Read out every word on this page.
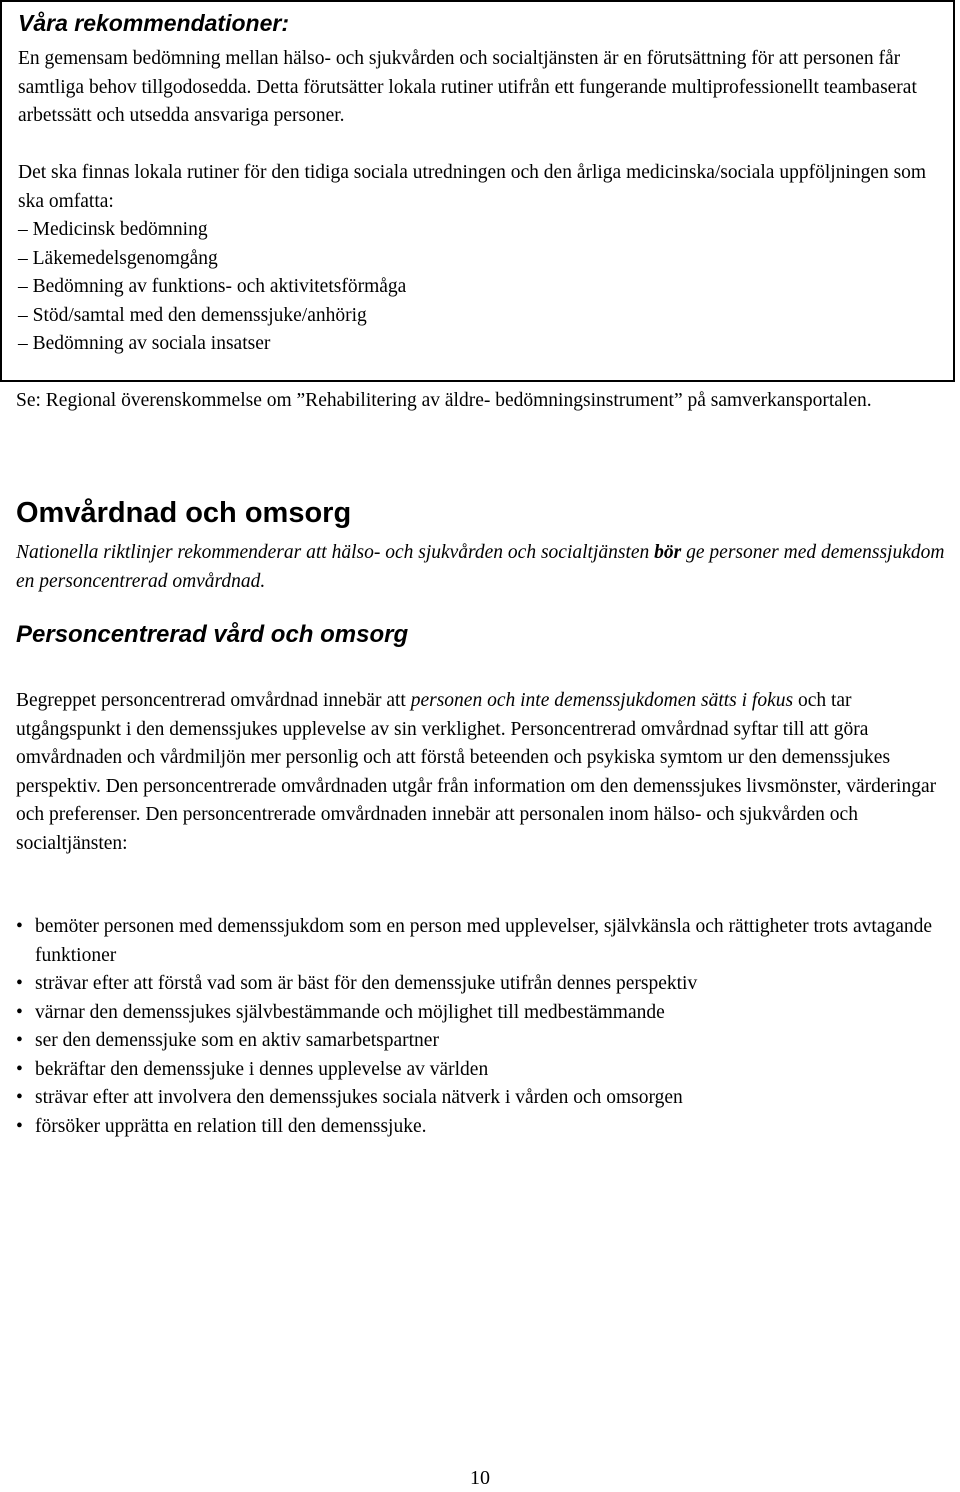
Våra rekommendationer:

En gemensam bedömning mellan hälso- och sjukvården och socialtjänsten är en förutsättning för att personen får samtliga behov tillgodosedda. Detta förutsätter lokala rutiner utifrån ett fungerande multiprofessionellt teambaserat arbetssätt och utsedda ansvariga personer.

Det ska finnas lokala rutiner för den tidiga sociala utredningen och den årliga medicinska/sociala uppföljningen som ska omfatta:
– Medicinsk bedömning
– Läkemedelsgenomgång
– Bedömning av funktions- och aktivitetsförmåga
– Stöd/samtal med den demenssjuke/anhörig
– Bedömning av sociala insatser

Se: Regional överenskommelse om ”Rehabilitering av äldre- bedömningsinstrument” på samverkansportalen.

Omvårdnad och omsorg

Nationella riktlinjer rekommenderar att hälso- och sjukvården och socialtjänsten bör ge personer med demenssjukdom en personcentrerad omvårdnad.

Personcentrerad vård och omsorg

Begreppet personcentrerad omvårdnad innebär att personen och inte demenssjukdomen sätts i fokus och tar utgångspunkt i den demenssjukes upplevelse av sin verklighet. Personcentrerad omvårdnad syftar till att göra omvårdnaden och vårdmiljön mer personlig och att förstå beteenden och psykiska symtom ur den demenssjukes perspektiv. Den personcentrerade omvårdnaden utgår från information om den demenssjukes livsmönster, värderingar och preferenser. Den personcentrerade omvårdnaden innebär att personalen inom hälso- och sjukvården och socialtjänsten:

• bemöter personen med demenssjukdom som en person med upplevelser, självkänsla och rättigheter trots avtagande funktioner
• strävar efter att förstå vad som är bäst för den demenssjuke utifrån dennes perspektiv
• värnar den demenssjukes självbestämmande och möjlighet till medbestämmande
• ser den demenssjuke som en aktiv samarbetspartner
• bekräftar den demenssjuke i dennes upplevelse av världen
• strävar efter att involvera den demenssjukes sociala nätverk i vården och omsorgen
• försöker upprätta en relation till den demenssjuke.
10
